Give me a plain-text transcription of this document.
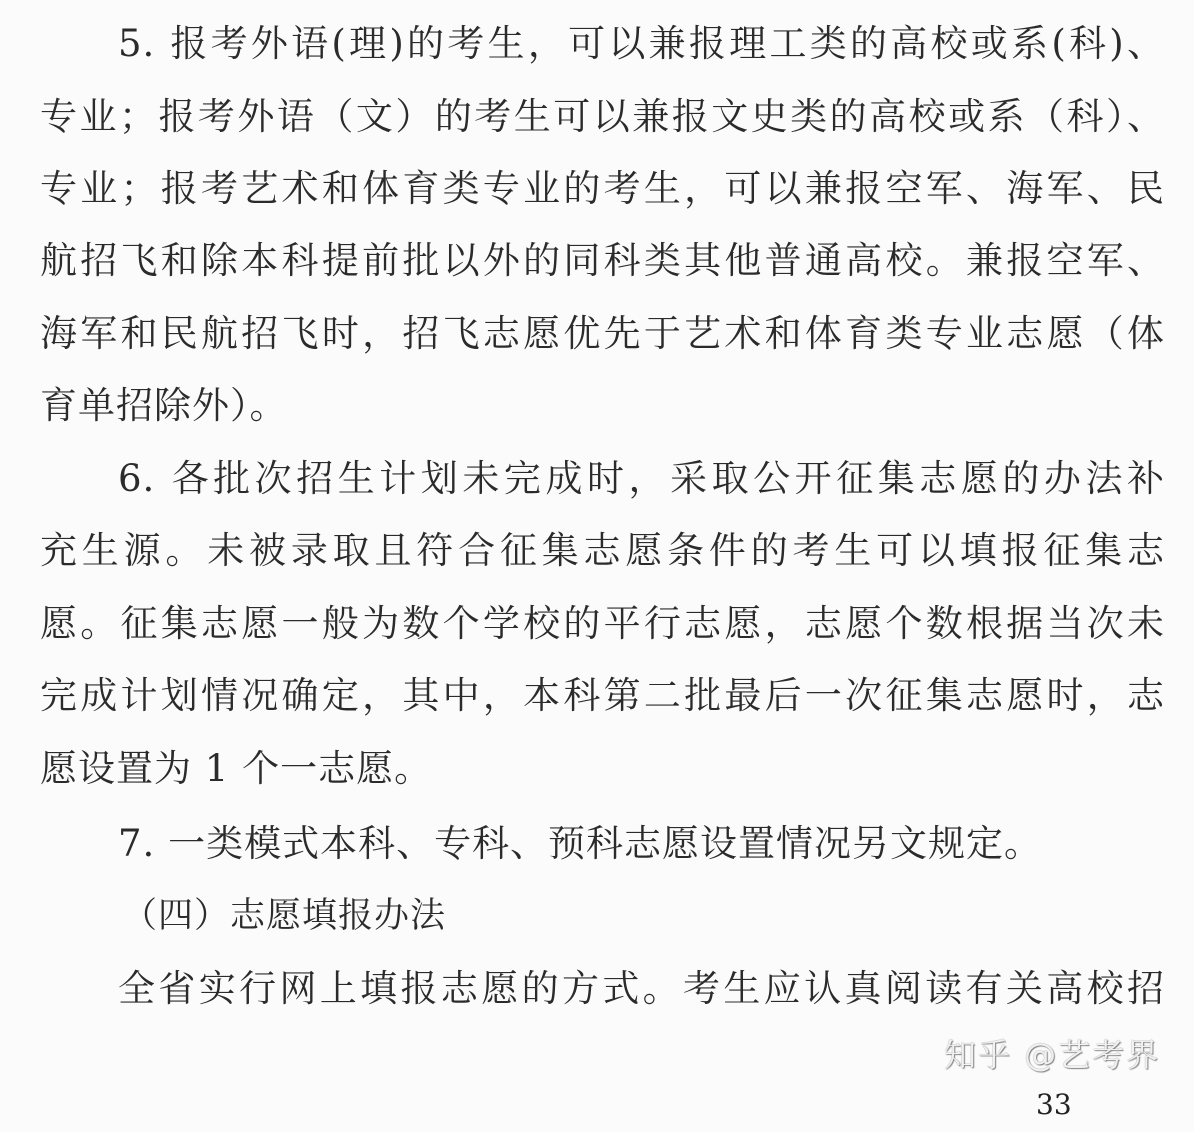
5. 报考外语(理)的考生，可以兼报理工类的高校或系(科)、
专业；报考外语（文）的考生可以兼报文史类的高校或系（科）、
专业；报考艺术和体育类专业的考生，可以兼报空军、海军、民
航招飞和除本科提前批以外的同科类其他普通高校。兼报空军、
海军和民航招飞时，招飞志愿优先于艺术和体育类专业志愿（体
育单招除外）。
6. 各批次招生计划未完成时，采取公开征集志愿的办法补
充生源。未被录取且符合征集志愿条件的考生可以填报征集志
愿。征集志愿一般为数个学校的平行志愿，志愿个数根据当次未
完成计划情况确定，其中，本科第二批最后一次征集志愿时，志
愿设置为 1 个一志愿。
7. 一类模式本科、专科、预科志愿设置情况另文规定。
（四）志愿填报办法
全省实行网上填报志愿的方式。考生应认真阅读有关高校招
知乎 @艺考界
33
